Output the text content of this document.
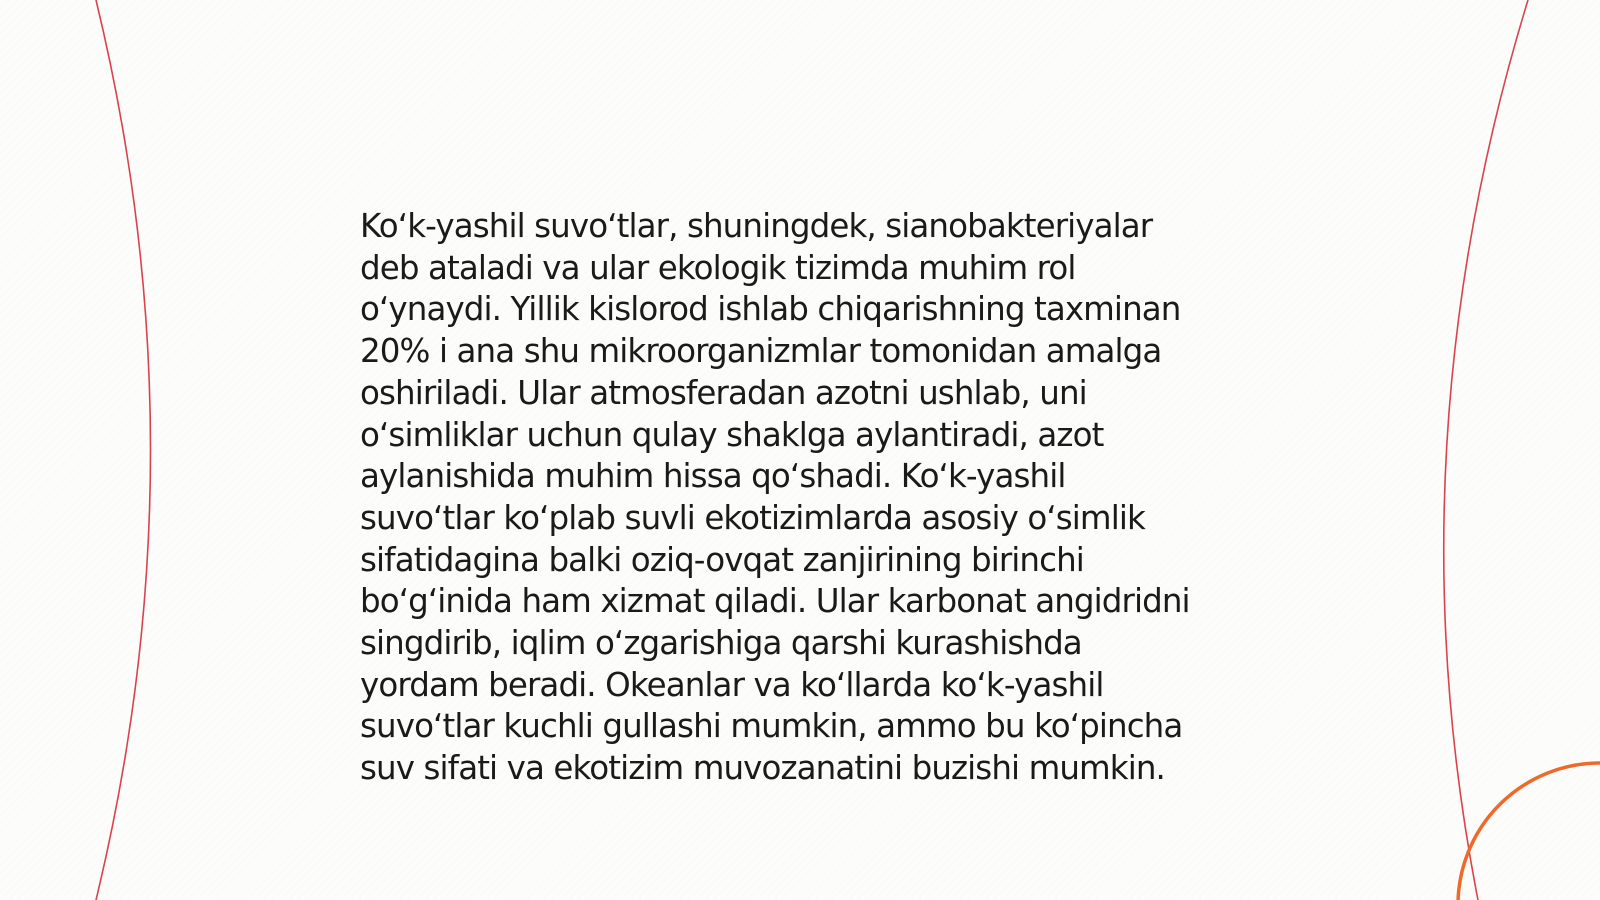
Ko‘k-yashil suvo‘tlar, shuningdek, sianobakteriyalar
deb ataladi va ular ekologik tizimda muhim rol
o‘ynaydi. Yillik kislorod ishlab chiqarishning taxminan
20% i ana shu mikroorganizmlar tomonidan amalga
oshiriladi. Ular atmosferadan azotni ushlab, uni
o‘simliklar uchun qulay shaklga aylantiradi, azot
aylanishida muhim hissa qo‘shadi. Ko‘k-yashil
suvo‘tlar ko‘plab suvli ekotizimlarda asosiy o‘simlik
sifatidagina balki oziq-ovqat zanjirining birinchi
bo‘g‘inida ham xizmat qiladi. Ular karbonat angidridni
singdirib, iqlim o‘zgarishiga qarshi kurashishda
yordam beradi. Okeanlar va ko‘llarda ko‘k-yashil
suvo‘tlar kuchli gullashi mumkin, ammo bu ko‘pincha
suv sifati va ekotizim muvozanatini buzishi mumkin.
